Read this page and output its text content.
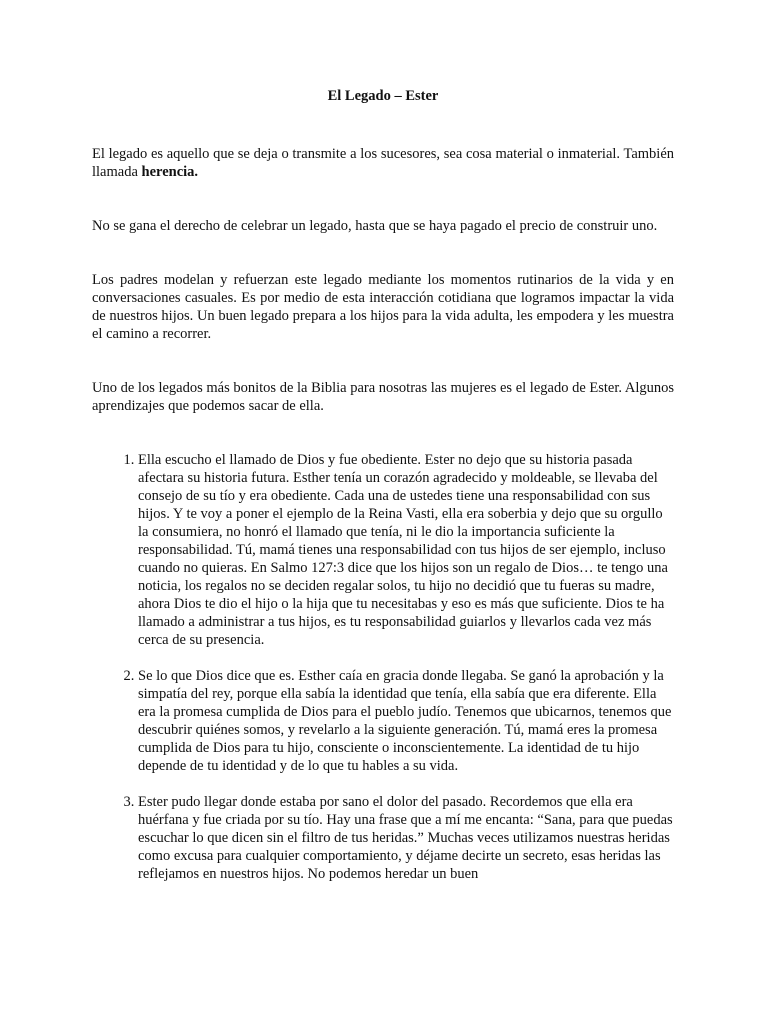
El Legado – Ester

El legado es aquello que se deja o transmite a los sucesores, sea cosa material o inmaterial. También llamada herencia.

No se gana el derecho de celebrar un legado, hasta que se haya pagado el precio de construir uno.

Los padres modelan y refuerzan este legado mediante los momentos rutinarios de la vida y en conversaciones casuales. Es por medio de esta interacción cotidiana que logramos impactar la vida de nuestros hijos. Un buen legado prepara a los hijos para la vida adulta, les empodera y les muestra el camino a recorrer.

Uno de los legados más bonitos de la Biblia para nosotras las mujeres es el legado de Ester. Algunos aprendizajes que podemos sacar de ella.

1. Ella escucho el llamado de Dios y fue obediente. Ester no dejo que su historia pasada afectara su historia futura. Esther tenía un corazón agradecido y moldeable, se llevaba del consejo de su tío y era obediente. Cada una de ustedes tiene una responsabilidad con sus hijos. Y te voy a poner el ejemplo de la Reina Vasti, ella era soberbia y dejo que su orgullo la consumiera, no honró el llamado que tenía, ni le dio la importancia suficiente la responsabilidad. Tú, mamá tienes una responsabilidad con tus hijos de ser ejemplo, incluso cuando no quieras. En Salmo 127:3 dice que los hijos son un regalo de Dios… te tengo una noticia, los regalos no se deciden regalar solos, tu hijo no decidió que tu fueras su madre, ahora Dios te dio el hijo o la hija que tu necesitabas y eso es más que suficiente. Dios te ha llamado a administrar a tus hijos, es tu responsabilidad guiarlos y llevarlos cada vez más cerca de su presencia.
2. Se lo que Dios dice que es. Esther caía en gracia donde llegaba. Se ganó la aprobación y la simpatía del rey, porque ella sabía la identidad que tenía, ella sabía que era diferente. Ella era la promesa cumplida de Dios para el pueblo judío. Tenemos que ubicarnos, tenemos que descubrir quiénes somos, y revelarlo a la siguiente generación. Tú, mamá eres la promesa cumplida de Dios para tu hijo, consciente o inconscientemente. La identidad de tu hijo depende de tu identidad y de lo que tu hables a su vida.
3. Ester pudo llegar donde estaba por sano el dolor del pasado. Recordemos que ella era huérfana y fue criada por su tío. Hay una frase que a mí me encanta: “Sana, para que puedas escuchar lo que dicen sin el filtro de tus heridas.” Muchas veces utilizamos nuestras heridas como excusa para cualquier comportamiento, y déjame decirte un secreto, esas heridas las reflejamos en nuestros hijos. No podemos heredar un buen
